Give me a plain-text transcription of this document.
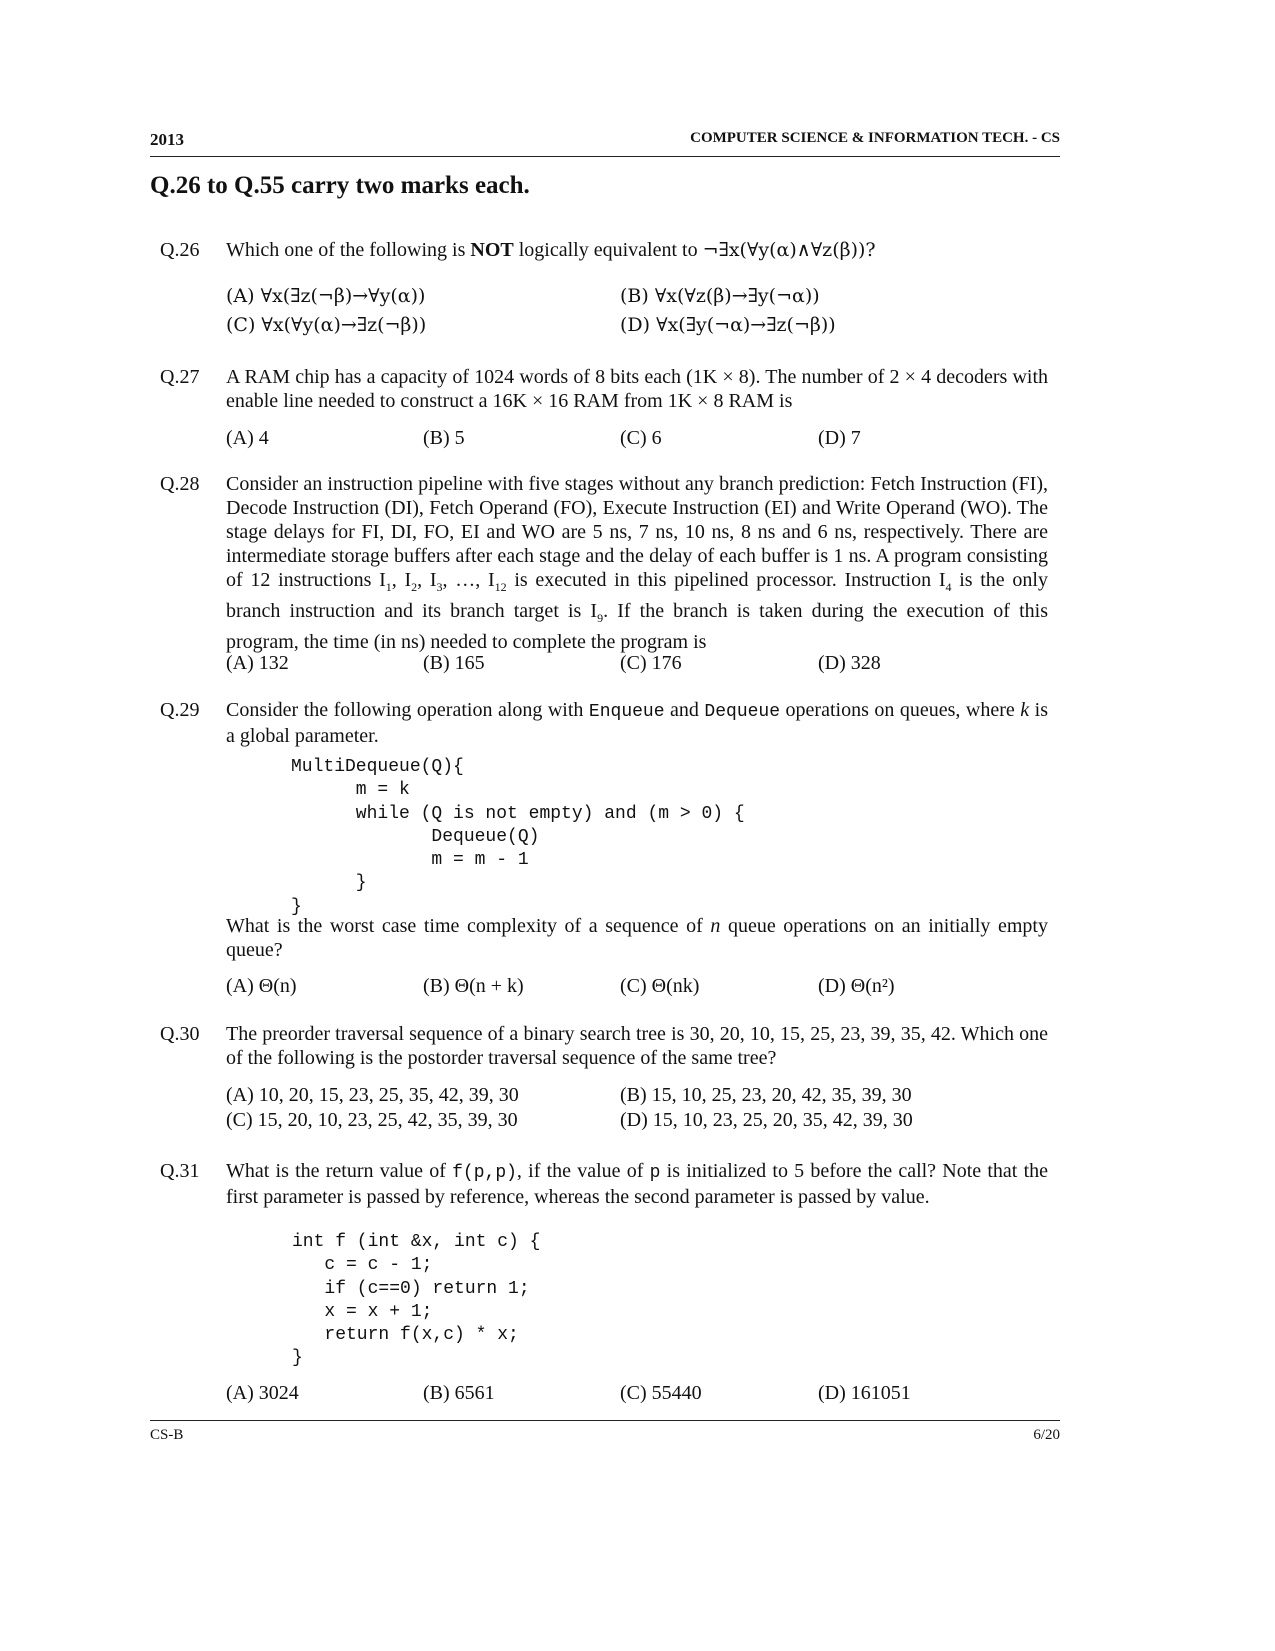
2013	COMPUTER SCIENCE & INFORMATION TECH. - CS
Q.26 to Q.55 carry two marks each.
Q.26 Which one of the following is NOT logically equivalent to ¬∃x(∀y(α)∧∀z(β))?
(A) ∀x(∃z(¬β)→∀y(α))	(B) ∀x(∀z(β)→∃y(¬α))
(C) ∀x(∀y(α)→∃z(¬β))	(D) ∀x(∃y(¬α)→∃z(¬β))
Q.27 A RAM chip has a capacity of 1024 words of 8 bits each (1K × 8). The number of 2 × 4 decoders with enable line needed to construct a 16K × 16 RAM from 1K × 8 RAM is
(A) 4	(B) 5	(C) 6	(D) 7
Q.28 Consider an instruction pipeline with five stages without any branch prediction: Fetch Instruction (FI), Decode Instruction (DI), Fetch Operand (FO), Execute Instruction (EI) and Write Operand (WO). The stage delays for FI, DI, FO, EI and WO are 5 ns, 7 ns, 10 ns, 8 ns and 6 ns, respectively. There are intermediate storage buffers after each stage and the delay of each buffer is 1 ns. A program consisting of 12 instructions $I_1$, $I_2$, $I_3$, …, $I_{12}$ is executed in this pipelined processor. Instruction $I_4$ is the only branch instruction and its branch target is $I_9$. If the branch is taken during the execution of this program, the time (in ns) needed to complete the program is
(A) 132	(B) 165	(C) 176	(D) 328
Q.29 Consider the following operation along with Enqueue and Dequeue operations on queues, where k is a global parameter.
MultiDequeue(Q){
m = k
while (Q is not empty) and (m > 0) {
Dequeue(Q)
m = m - 1
}
}
What is the worst case time complexity of a sequence of n queue operations on an initially empty queue?
(A) Θ(n)	(B) Θ(n + k)	(C) Θ(nk)	(D) Θ(n²)
Q.30 The preorder traversal sequence of a binary search tree is 30, 20, 10, 15, 25, 23, 39, 35, 42. Which one of the following is the postorder traversal sequence of the same tree?
(A) 10, 20, 15, 23, 25, 35, 42, 39, 30	(B) 15, 10, 25, 23, 20, 42, 35, 39, 30
(C) 15, 20, 10, 23, 25, 42, 35, 39, 30	(D) 15, 10, 23, 25, 20, 35, 42, 39, 30
Q.31 What is the return value of f(p,p), if the value of p is initialized to 5 before the call? Note that the first parameter is passed by reference, whereas the second parameter is passed by value.
int f (int &x, int c) {
c = c - 1;
if (c==0) return 1;
x = x + 1;
return f(x,c) * x;
}
(A) 3024	(B) 6561	(C) 55440	(D) 161051
CS-B	6/20
